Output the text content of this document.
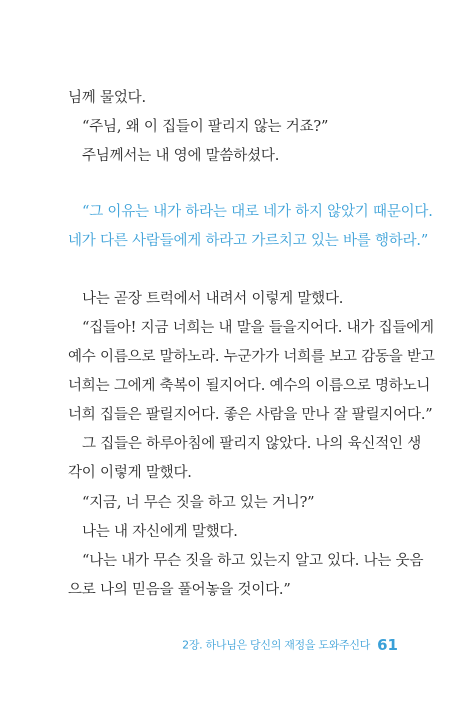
님께 물었다.
“주님, 왜 이 집들이 팔리지 않는 거죠?”
주님께서는 내 영에 말씀하셨다.
“그 이유는 내가 하라는 대로 네가 하지 않았기 때문이다.
네가 다른 사람들에게 하라고 가르치고 있는 바를 행하라.”
나는 곧장 트럭에서 내려서 이렇게 말했다.
“집들아! 지금 너희는 내 말을 들을지어다. 내가 집들에게
예수 이름으로 말하노라. 누군가가 너희를 보고 감동을 받고
너희는 그에게 축복이 될지어다. 예수의 이름으로 명하노니
너희 집들은 팔릴지어다. 좋은 사람을 만나 잘 팔릴지어다.”
그 집들은 하루아침에 팔리지 않았다. 나의 육신적인 생
각이 이렇게 말했다.
“지금, 너 무슨 짓을 하고 있는 거니?”
나는 내 자신에게 말했다.
“나는 내가 무슨 짓을 하고 있는지 알고 있다. 나는 웃음
으로 나의 믿음을 풀어놓을 것이다.”
2장. 하나님은 당신의 재정을 도와주신다 61
